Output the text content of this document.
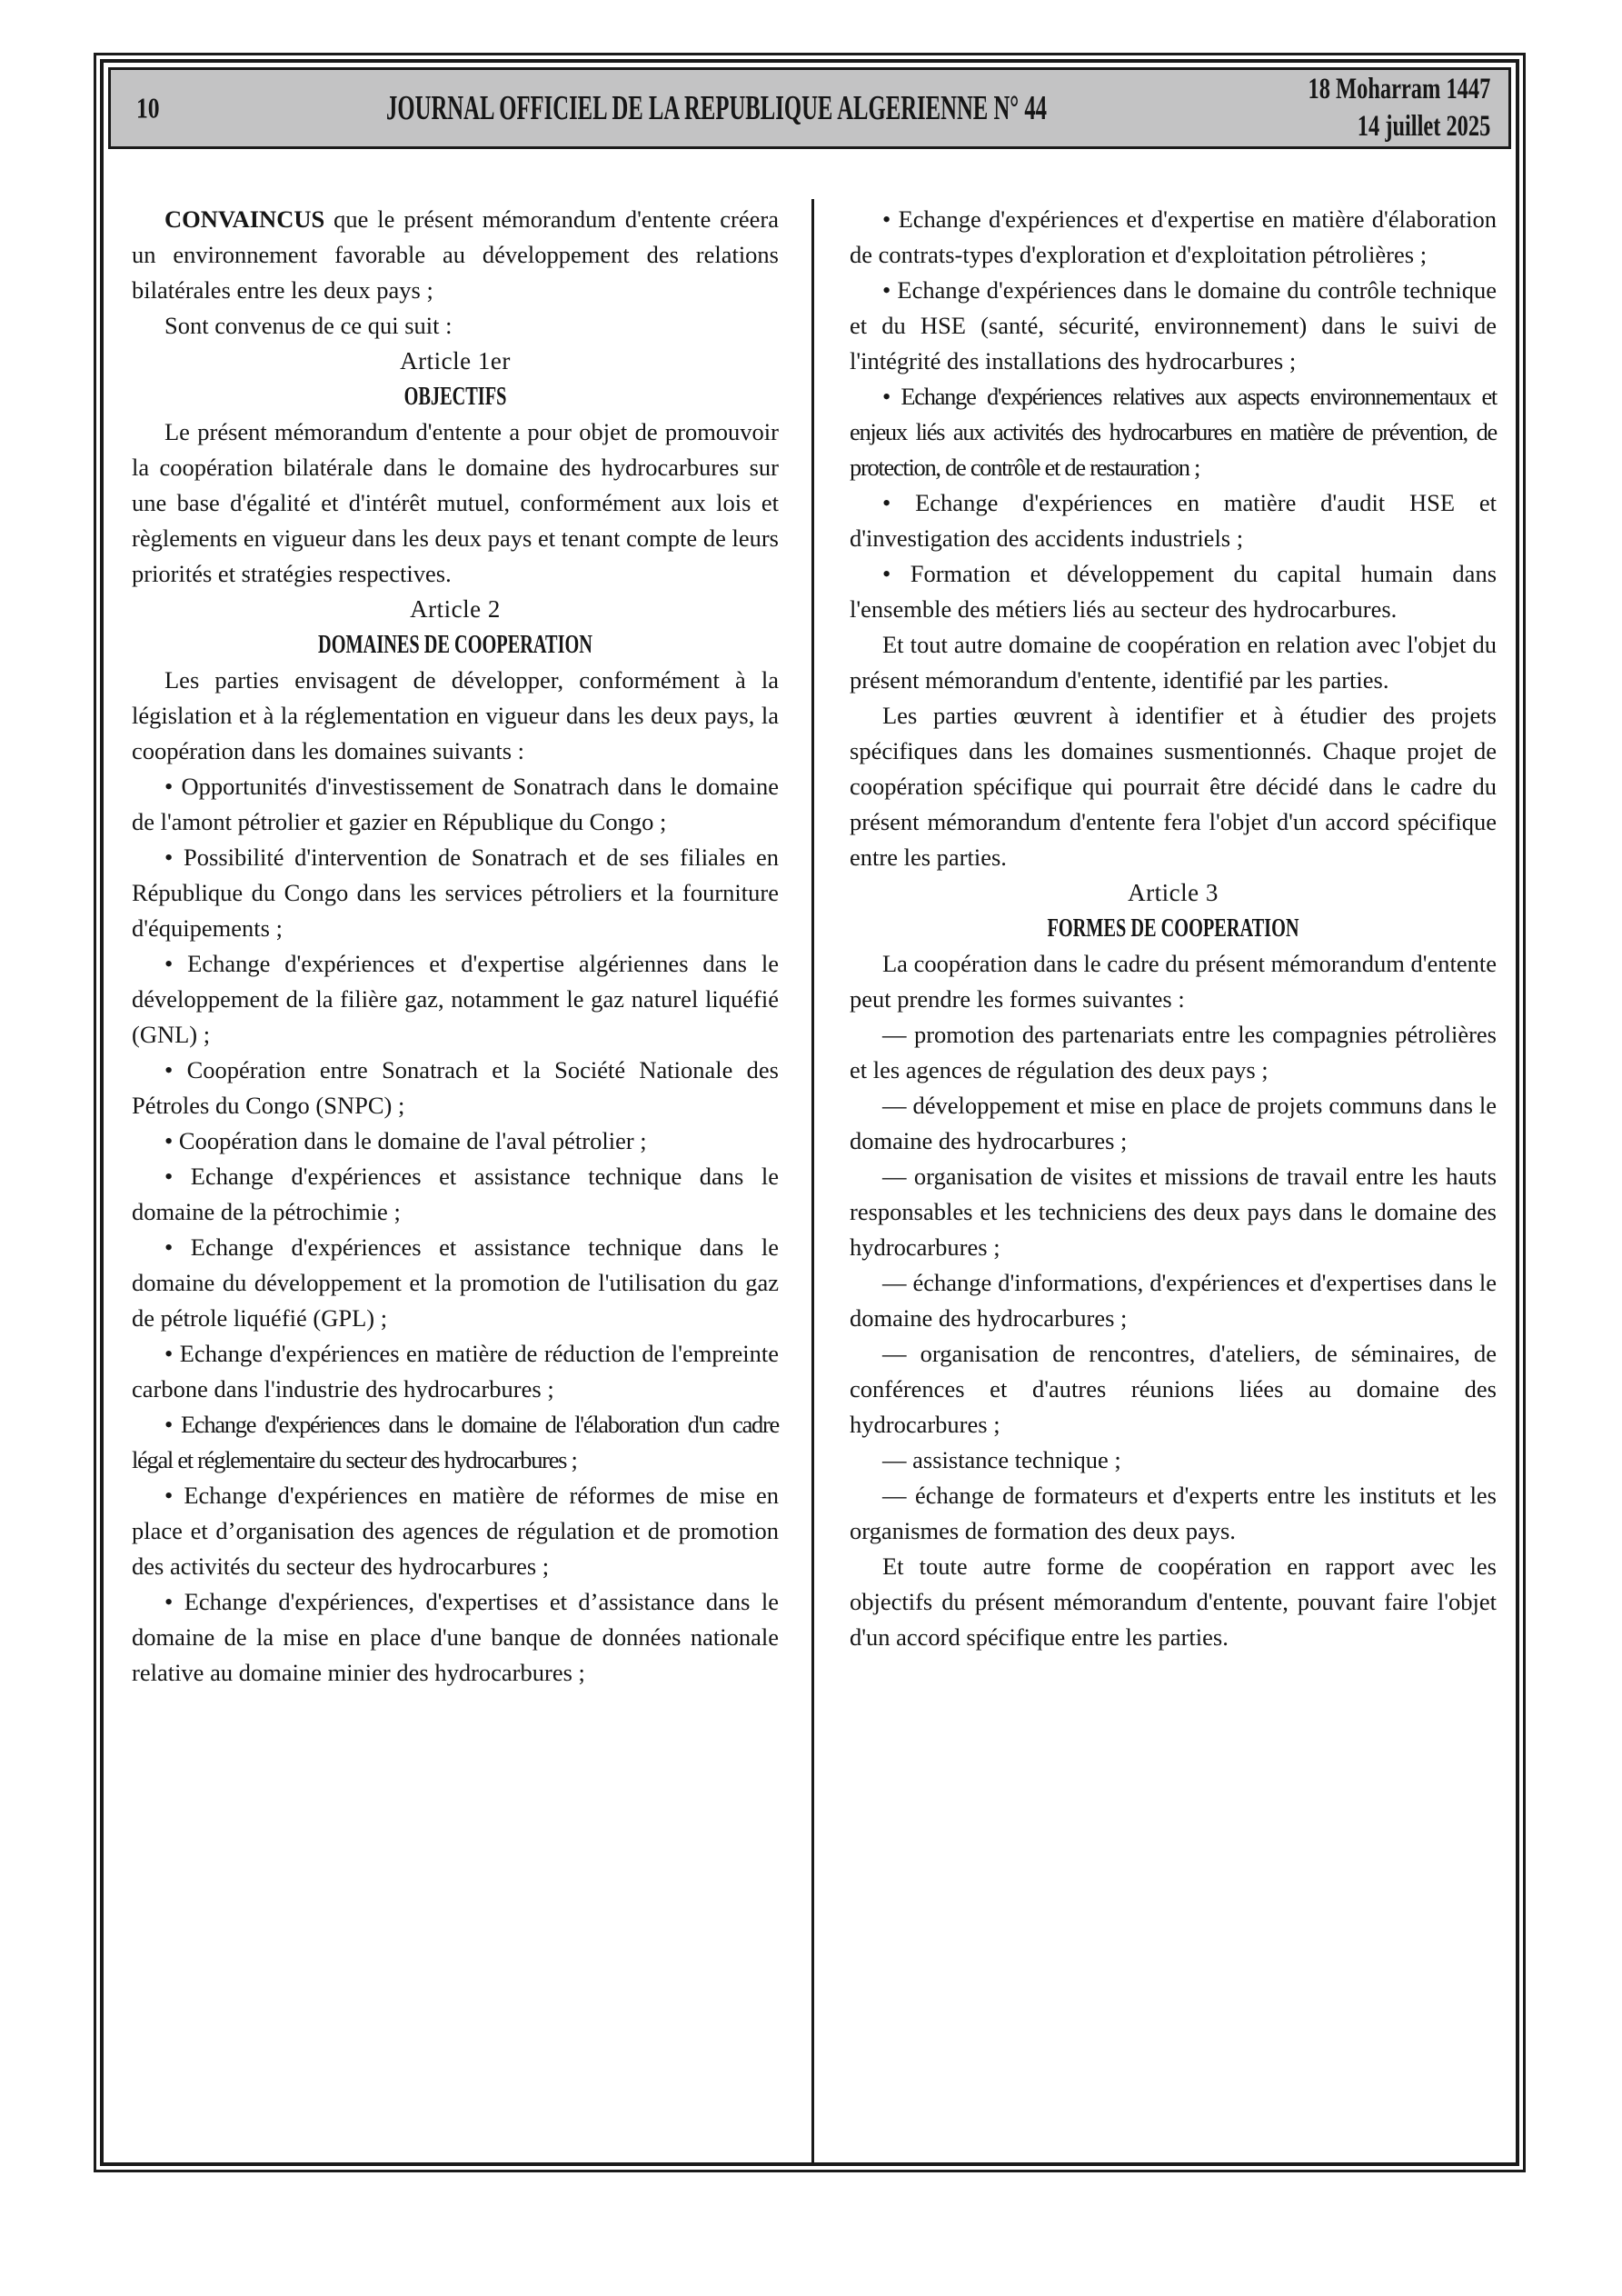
10	JOURNAL OFFICIEL DE LA REPUBLIQUE ALGERIENNE N° 44	18 Moharram 1447
14 juillet 2025

CONVAINCUS que le présent mémorandum d'entente créera un environnement favorable au développement des relations bilatérales entre les deux pays ;

Sont convenus de ce qui suit :

Article 1er

OBJECTIFS

Le présent mémorandum d'entente a pour objet de promouvoir la coopération bilatérale dans le domaine des hydrocarbures sur une base d'égalité et d'intérêt mutuel, conformément aux lois et règlements en vigueur dans les deux pays et tenant compte de leurs priorités et stratégies respectives.

Article 2

DOMAINES DE COOPERATION

Les parties envisagent de développer, conformément à la législation et à la réglementation en vigueur dans les deux pays, la coopération dans les domaines suivants :

• Opportunités d'investissement de Sonatrach dans le domaine de l'amont pétrolier et gazier en République du Congo ;

• Possibilité d'intervention de Sonatrach et de ses filiales en République du Congo dans les services pétroliers et la fourniture d'équipements ;

• Echange d'expériences et d'expertise algériennes dans le développement de la filière gaz, notamment le gaz naturel liquéfié (GNL) ;

• Coopération entre Sonatrach et la Société Nationale des Pétroles du Congo (SNPC) ;

• Coopération dans le domaine de l'aval pétrolier ;

• Echange d'expériences et assistance technique dans le domaine de la pétrochimie ;

• Echange d'expériences et assistance technique dans le domaine du développement et la promotion de l'utilisation du gaz de pétrole liquéfié (GPL) ;

• Echange d'expériences en matière de réduction de l'empreinte carbone dans l'industrie des hydrocarbures ;

• Echange d'expériences dans le domaine de l'élaboration d'un cadre légal et réglementaire du secteur des hydrocarbures ;

• Echange d'expériences en matière de réformes de mise en place et d’organisation des agences de régulation et de promotion des activités du secteur des hydrocarbures ;

• Echange d'expériences, d'expertises et d’assistance dans le domaine de la mise en place d'une banque de données nationale relative au domaine minier des hydrocarbures ;

• Echange d'expériences et d'expertise en matière d'élaboration de contrats-types d'exploration et d'exploitation pétrolières ;

• Echange d'expériences dans le domaine du contrôle technique et du HSE (santé, sécurité, environnement) dans le suivi de l'intégrité des installations des hydrocarbures ;

• Echange d'expériences relatives aux aspects environnementaux et enjeux liés aux activités des hydrocarbures en matière de prévention, de protection, de contrôle et de restauration ;

• Echange d'expériences en matière d'audit HSE et d'investigation des accidents industriels ;

• Formation et développement du capital humain dans l'ensemble des métiers liés au secteur des hydrocarbures.

Et tout autre domaine de coopération en relation avec l'objet du présent mémorandum d'entente, identifié par les parties.

Les parties œuvrent à identifier et à étudier des projets spécifiques dans les domaines susmentionnés. Chaque projet de coopération spécifique qui pourrait être décidé dans le cadre du présent mémorandum d'entente fera l'objet d'un accord spécifique entre les parties.

Article 3

FORMES DE COOPERATION

La coopération dans le cadre du présent mémorandum d'entente peut prendre les formes suivantes :

— promotion des partenariats entre les compagnies pétrolières et les agences de régulation des deux pays ;

— développement et mise en place de projets communs dans le domaine des hydrocarbures ;

— organisation de visites et missions de travail entre les hauts responsables et les techniciens des deux pays dans le domaine des hydrocarbures ;

— échange d'informations, d'expériences et d'expertises dans le domaine des hydrocarbures ;

— organisation de rencontres, d'ateliers, de séminaires, de conférences et d'autres réunions liées au domaine des hydrocarbures ;

— assistance technique ;

— échange de formateurs et d'experts entre les instituts et les organismes de formation des deux pays.

Et toute autre forme de coopération en rapport avec les objectifs du présent mémorandum d'entente, pouvant faire l'objet d'un accord spécifique entre les parties.
